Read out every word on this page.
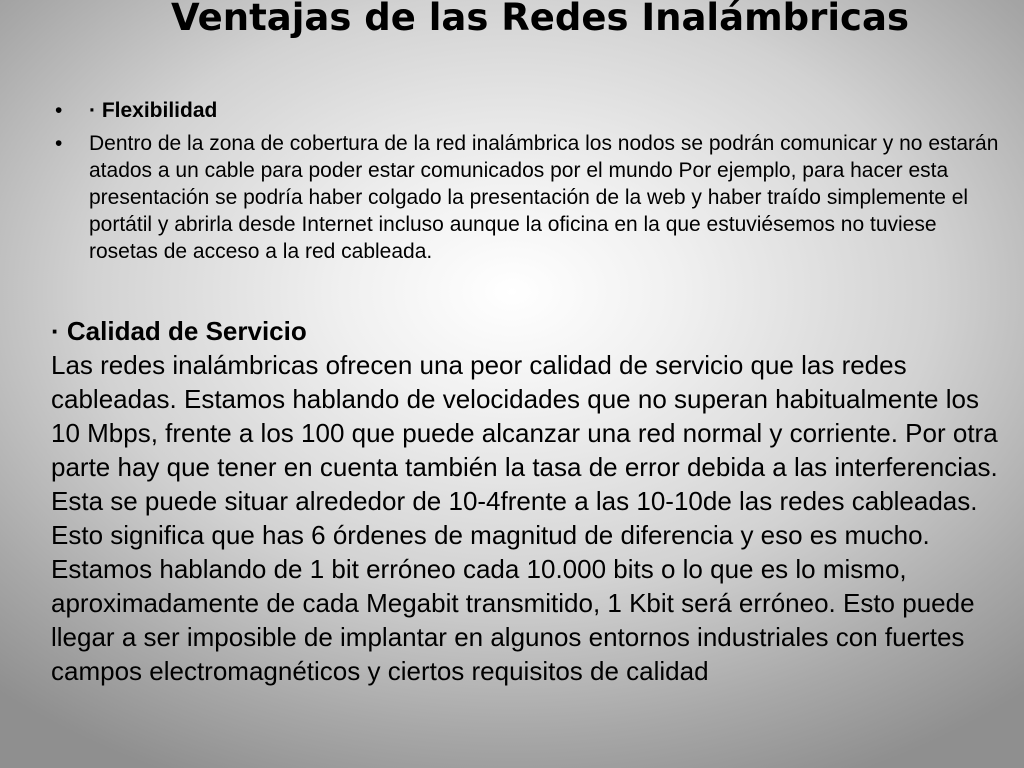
Ventajas de las Redes Inalámbricas
• · Flexibilidad
• Dentro de la zona de cobertura de la red inalámbrica los nodos se podrán comunicar y no estarán atados a un cable para poder estar comunicados por el mundo Por ejemplo, para hacer esta presentación se podría haber colgado la presentación de la web y haber traído simplemente el portátil y abrirla desde Internet incluso aunque la oficina en la que estuviésemos no tuviese rosetas de acceso a la red cableada.
· Calidad de Servicio
Las redes inalámbricas ofrecen una peor calidad de servicio que las redes cableadas. Estamos hablando de velocidades que no superan habitualmente los 10 Mbps, frente a los 100 que puede alcanzar una red normal y corriente. Por otra parte hay que tener en cuenta también la tasa de error debida a las interferencias. Esta se puede situar alrededor de 10-4frente a las 10-10de las redes cableadas. Esto significa que has 6 órdenes de magnitud de diferencia y eso es mucho. Estamos hablando de 1 bit erróneo cada 10.000 bits o lo que es lo mismo, aproximadamente de cada Megabit transmitido, 1 Kbit será erróneo. Esto puede llegar a ser imposible de implantar en algunos entornos industriales con fuertes campos electromagnéticos y ciertos requisitos de calidad
